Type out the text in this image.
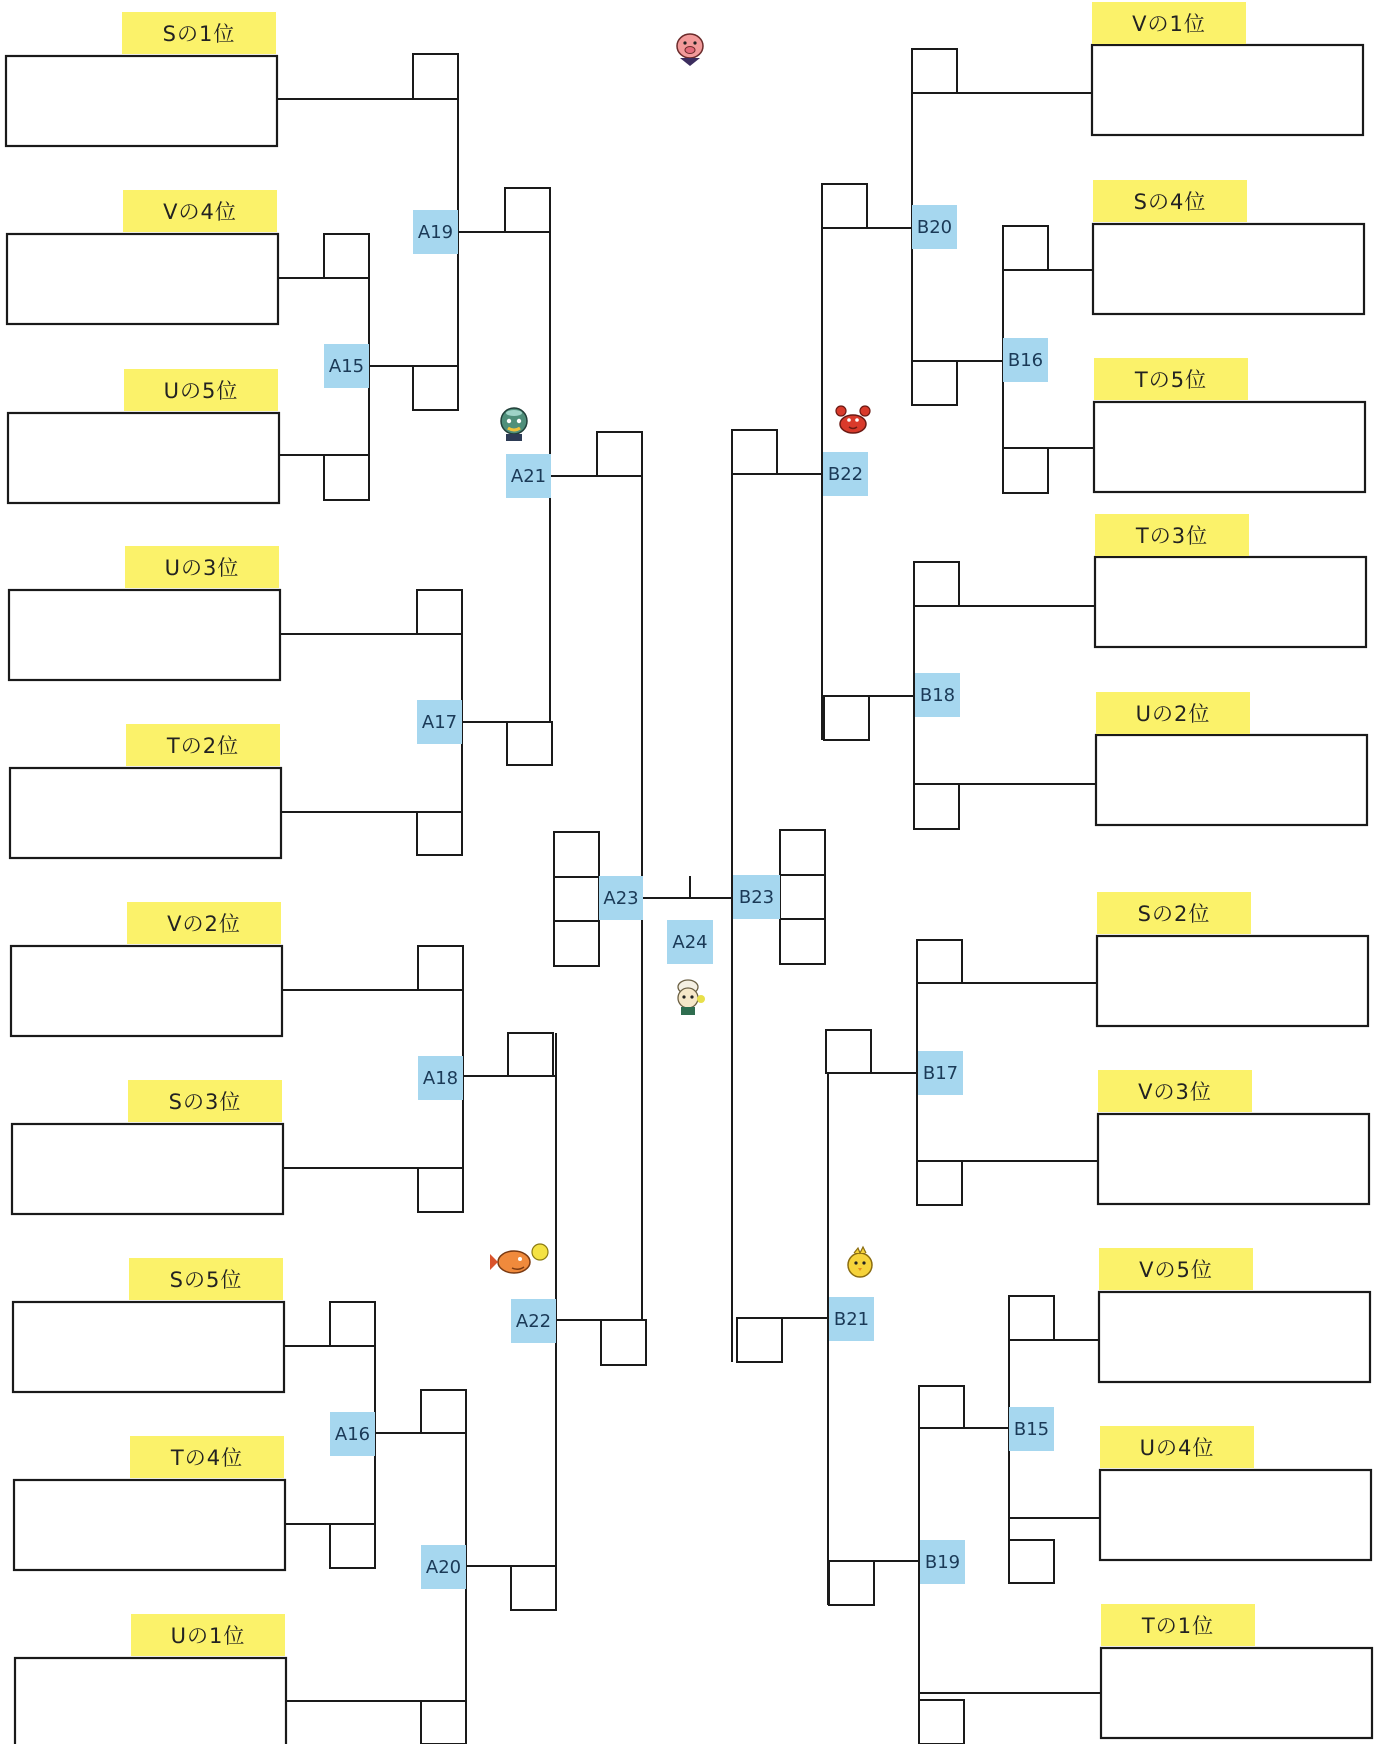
Sの1位
Vの4位
Uの5位
Uの3位
Tの2位
Vの2位
Sの3位
Sの5位
Tの4位
Uの1位
Vの1位
Sの4位
Tの5位
Tの3位
Uの2位
Sの2位
Vの3位
Vの5位
Uの4位
Tの1位
A19
A15
A21
A17
A23
A24
A18
A22
A16
A20
B20
B16
B22
B18
B23
B17
B21
B15
B19
